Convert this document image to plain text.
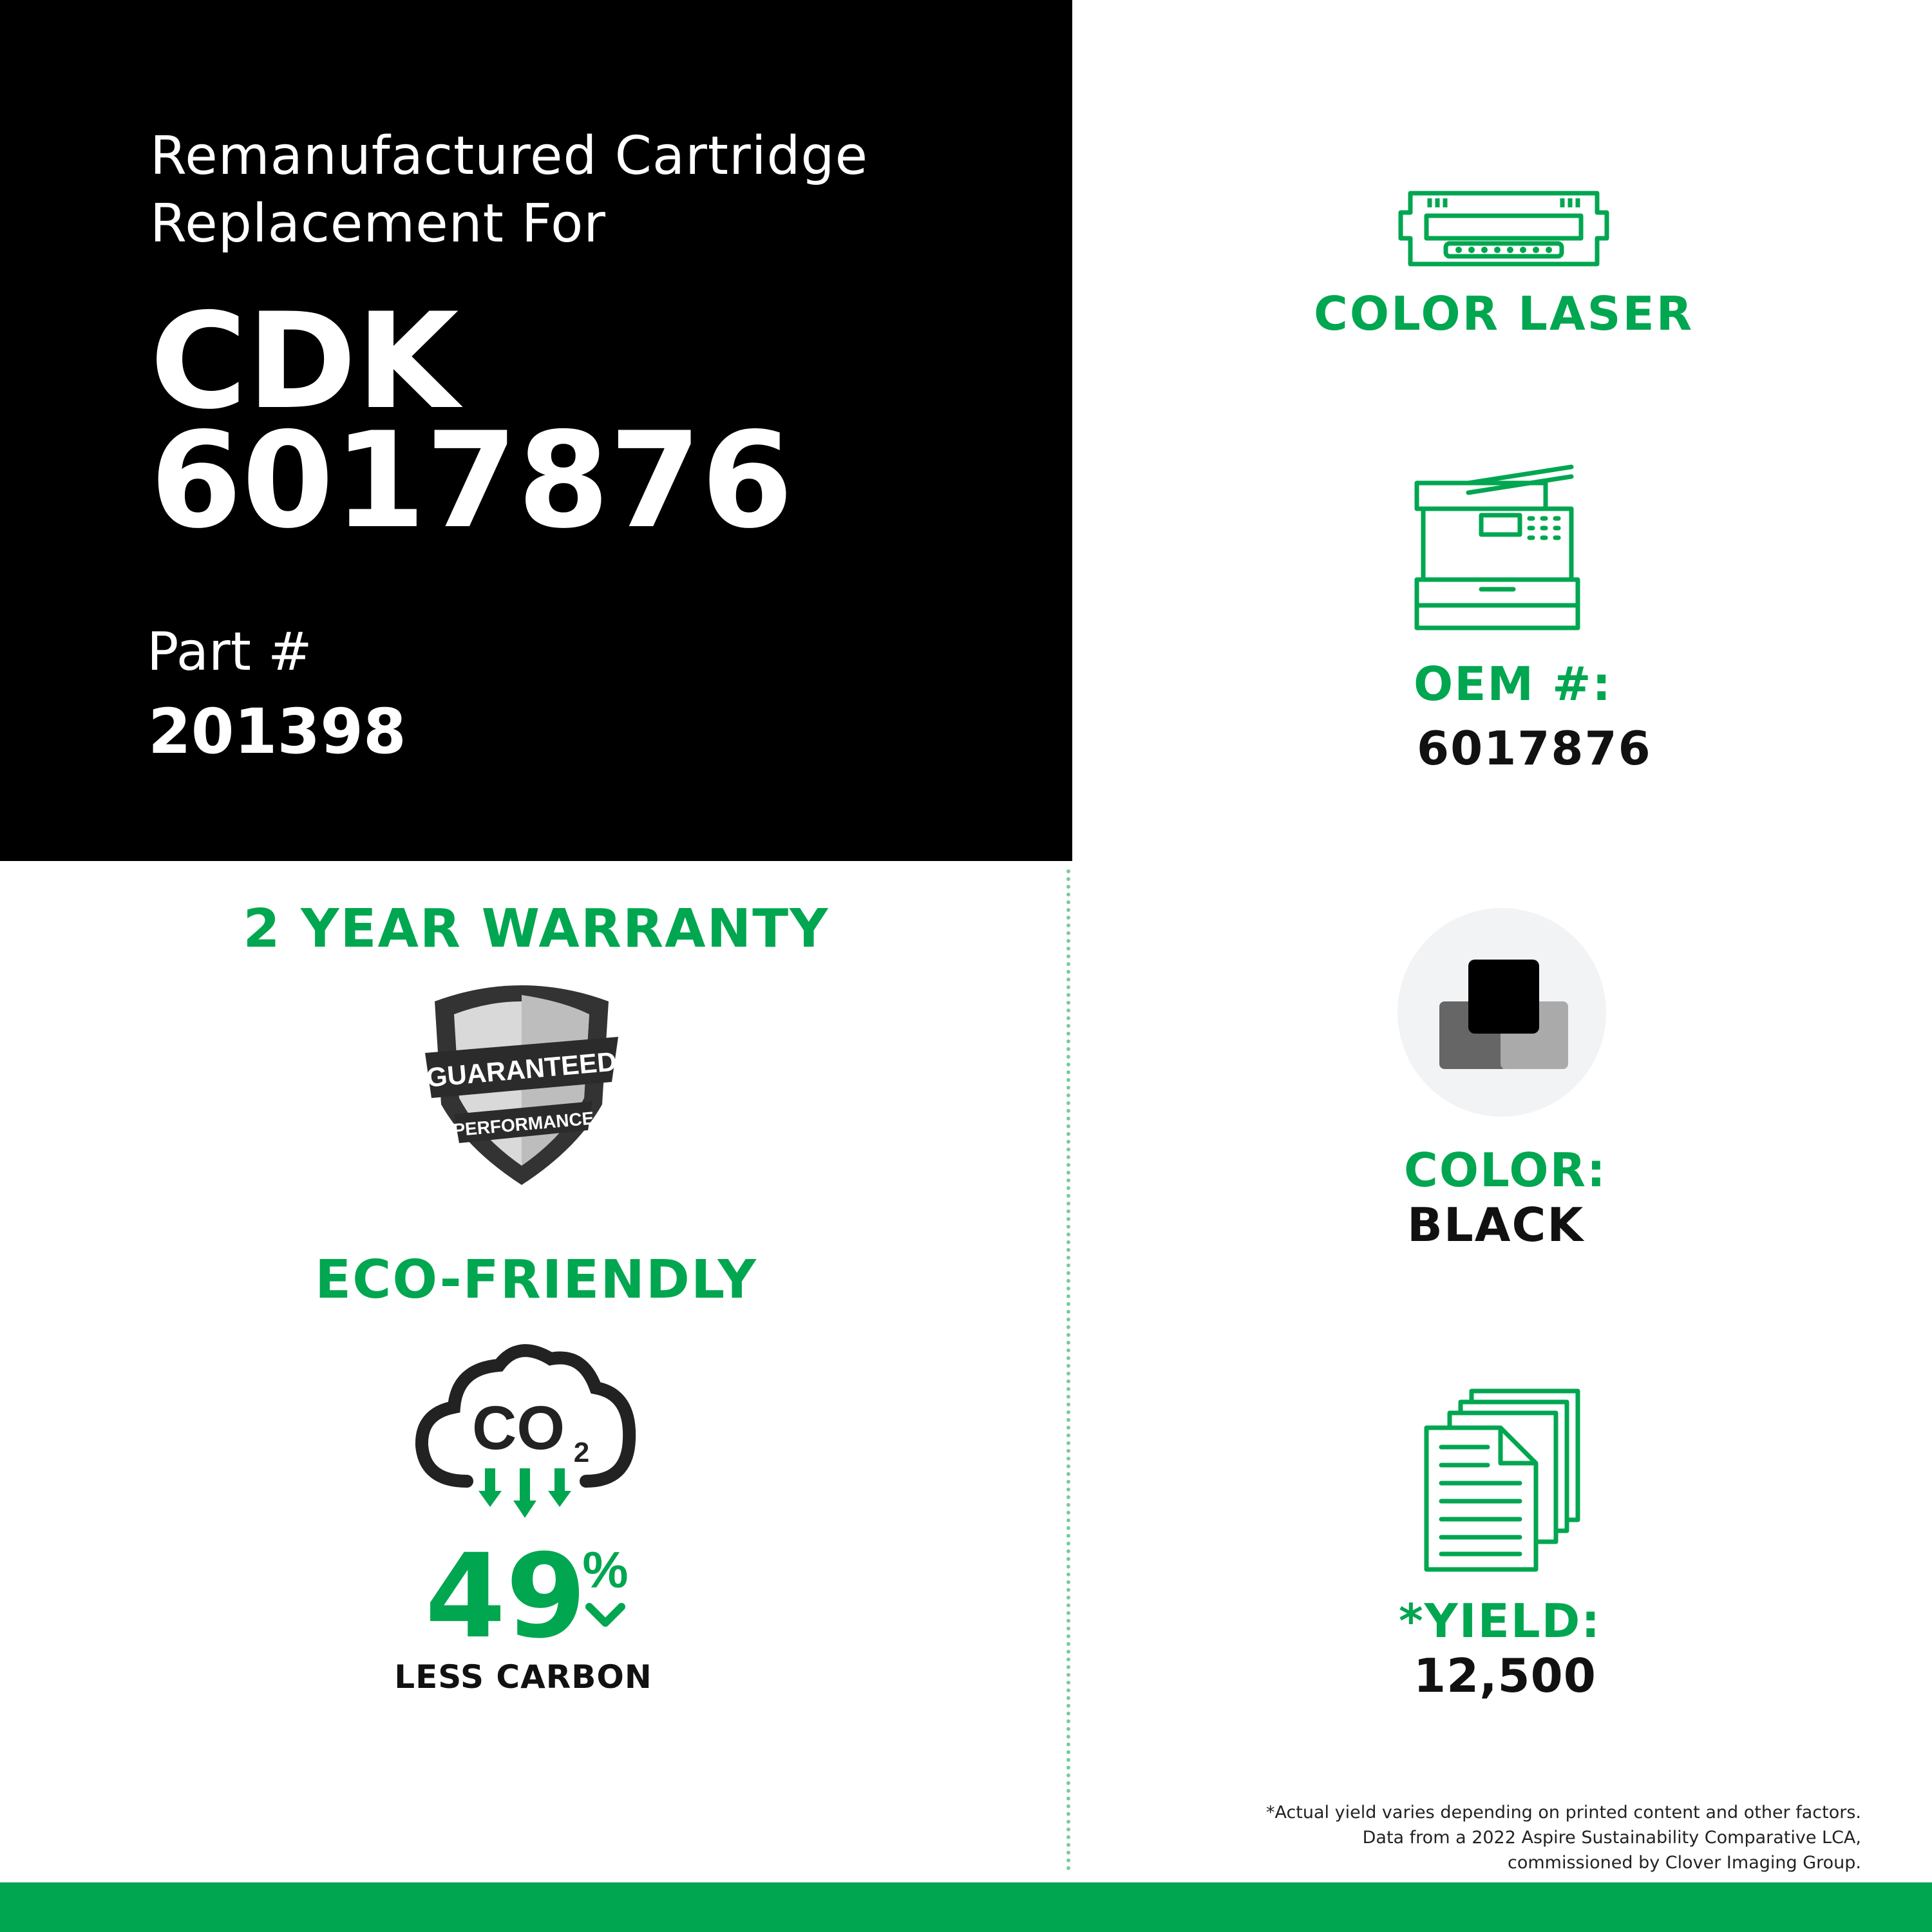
Remanufactured Cartridge
Replacement For
CDK
6017876
Part #
201398
2 YEAR WARRANTY
GUARANTEED
PERFORMANCE
ECO-FRIENDLY
CO 2
49
%
LESS CARBON
COLOR LASER
OEM #:
6017876
COLOR:
BLACK
*YIELD:
12,500
*Actual yield varies depending on printed content and other factors.
Data from a 2022 Aspire Sustainability Comparative LCA,
commissioned by Clover Imaging Group.
